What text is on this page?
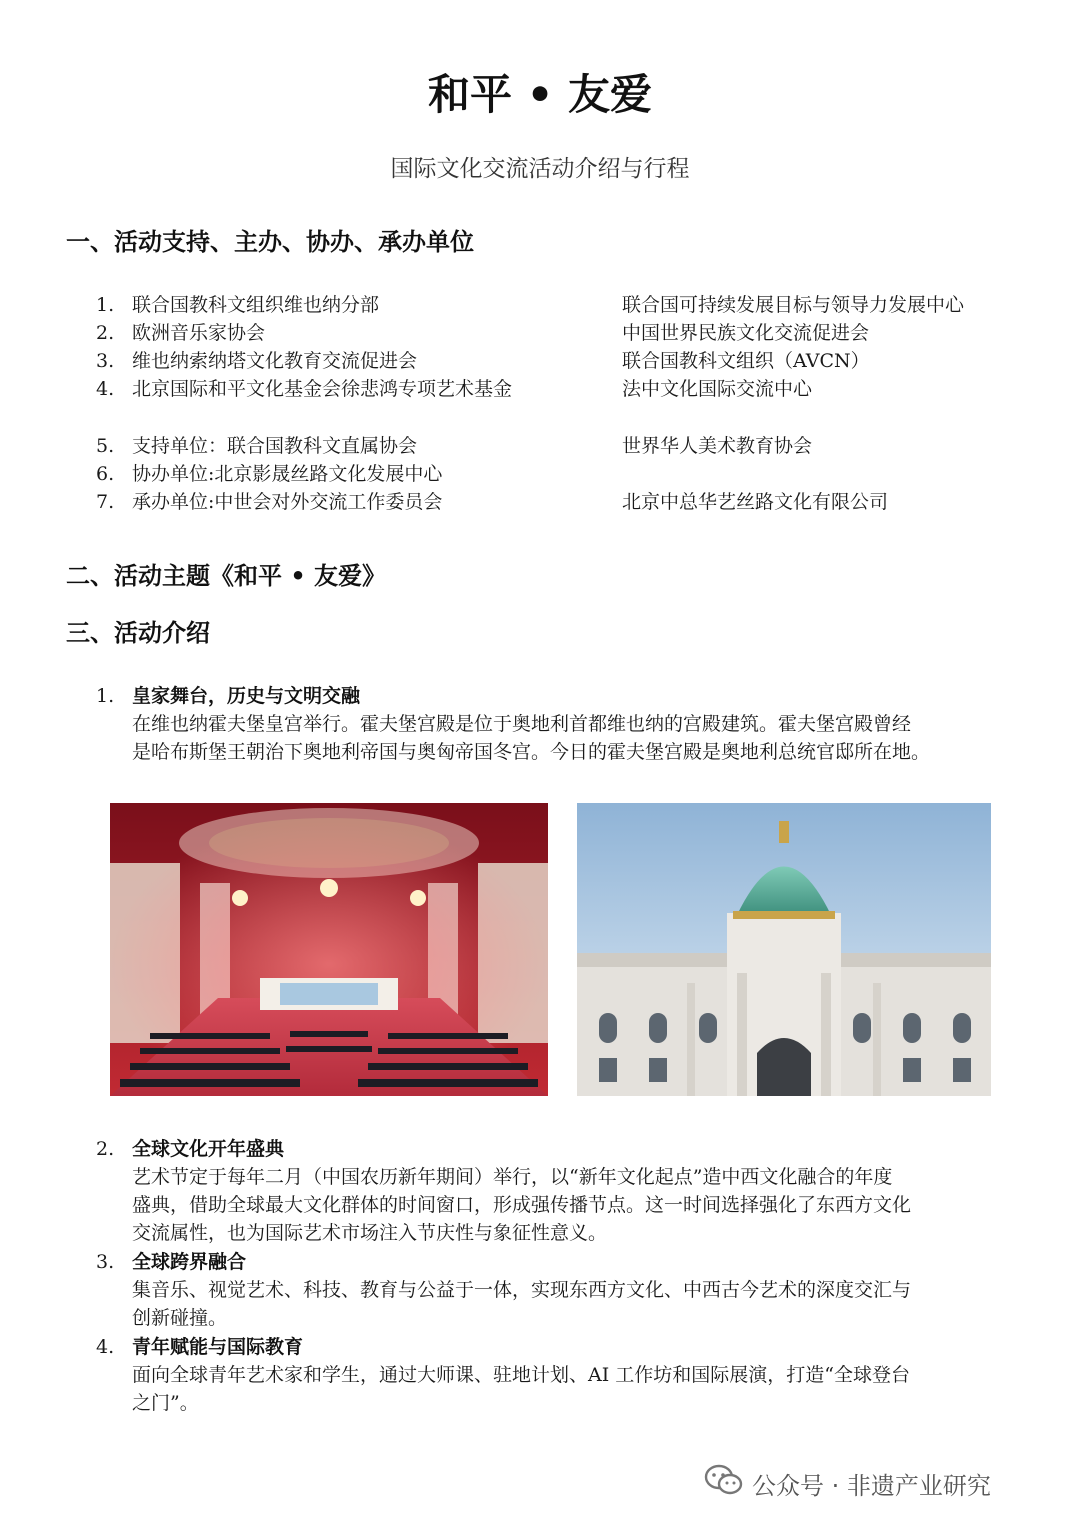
和平 • 友爱
国际文化交流活动介绍与行程
一、活动支持、主办、协办、承办单位
1. 联合国教科文组织维也纳分部	联合国可持续发展目标与领导力发展中心
2. 欧洲音乐家协会	中国世界民族文化交流促进会
3. 维也纳索纳塔文化教育交流促进会	联合国教科文组织（AVCN）
4. 北京国际和平文化基金会徐悲鸿专项艺术基金	法中文化国际交流中心
5. 支持单位：联合国教科文直属协会	世界华人美术教育协会
6. 协办单位:北京影晟丝路文化发展中心
7. 承办单位:中世会对外交流工作委员会	北京中总华艺丝路文化有限公司
二、活动主题《和平 • 友爱》
三、活动介绍
1. 皇家舞台，历史与文明交融
在维也纳霍夫堡皇宫举行。霍夫堡宫殿是位于奥地利首都维也纳的宫殿建筑。霍夫堡宫殿曾经
是哈布斯堡王朝治下奥地利帝国与奥匈帝国冬宫。今日的霍夫堡宫殿是奥地利总统官邸所在地。
2. 全球文化开年盛典
艺术节定于每年二月（中国农历新年期间）举行，以“新年文化起点”造中西文化融合的年度
盛典，借助全球最大文化群体的时间窗口，形成强传播节点。这一时间选择强化了东西方文化
交流属性，也为国际艺术市场注入节庆性与象征性意义。
3. 全球跨界融合
集音乐、视觉艺术、科技、教育与公益于一体，实现东西方文化、中西古今艺术的深度交汇与
创新碰撞。
4. 青年赋能与国际教育
面向全球青年艺术家和学生，通过大师课、驻地计划、AI 工作坊和国际展演，打造“全球登台
之门”。
公众号 · 非遗产业研究
